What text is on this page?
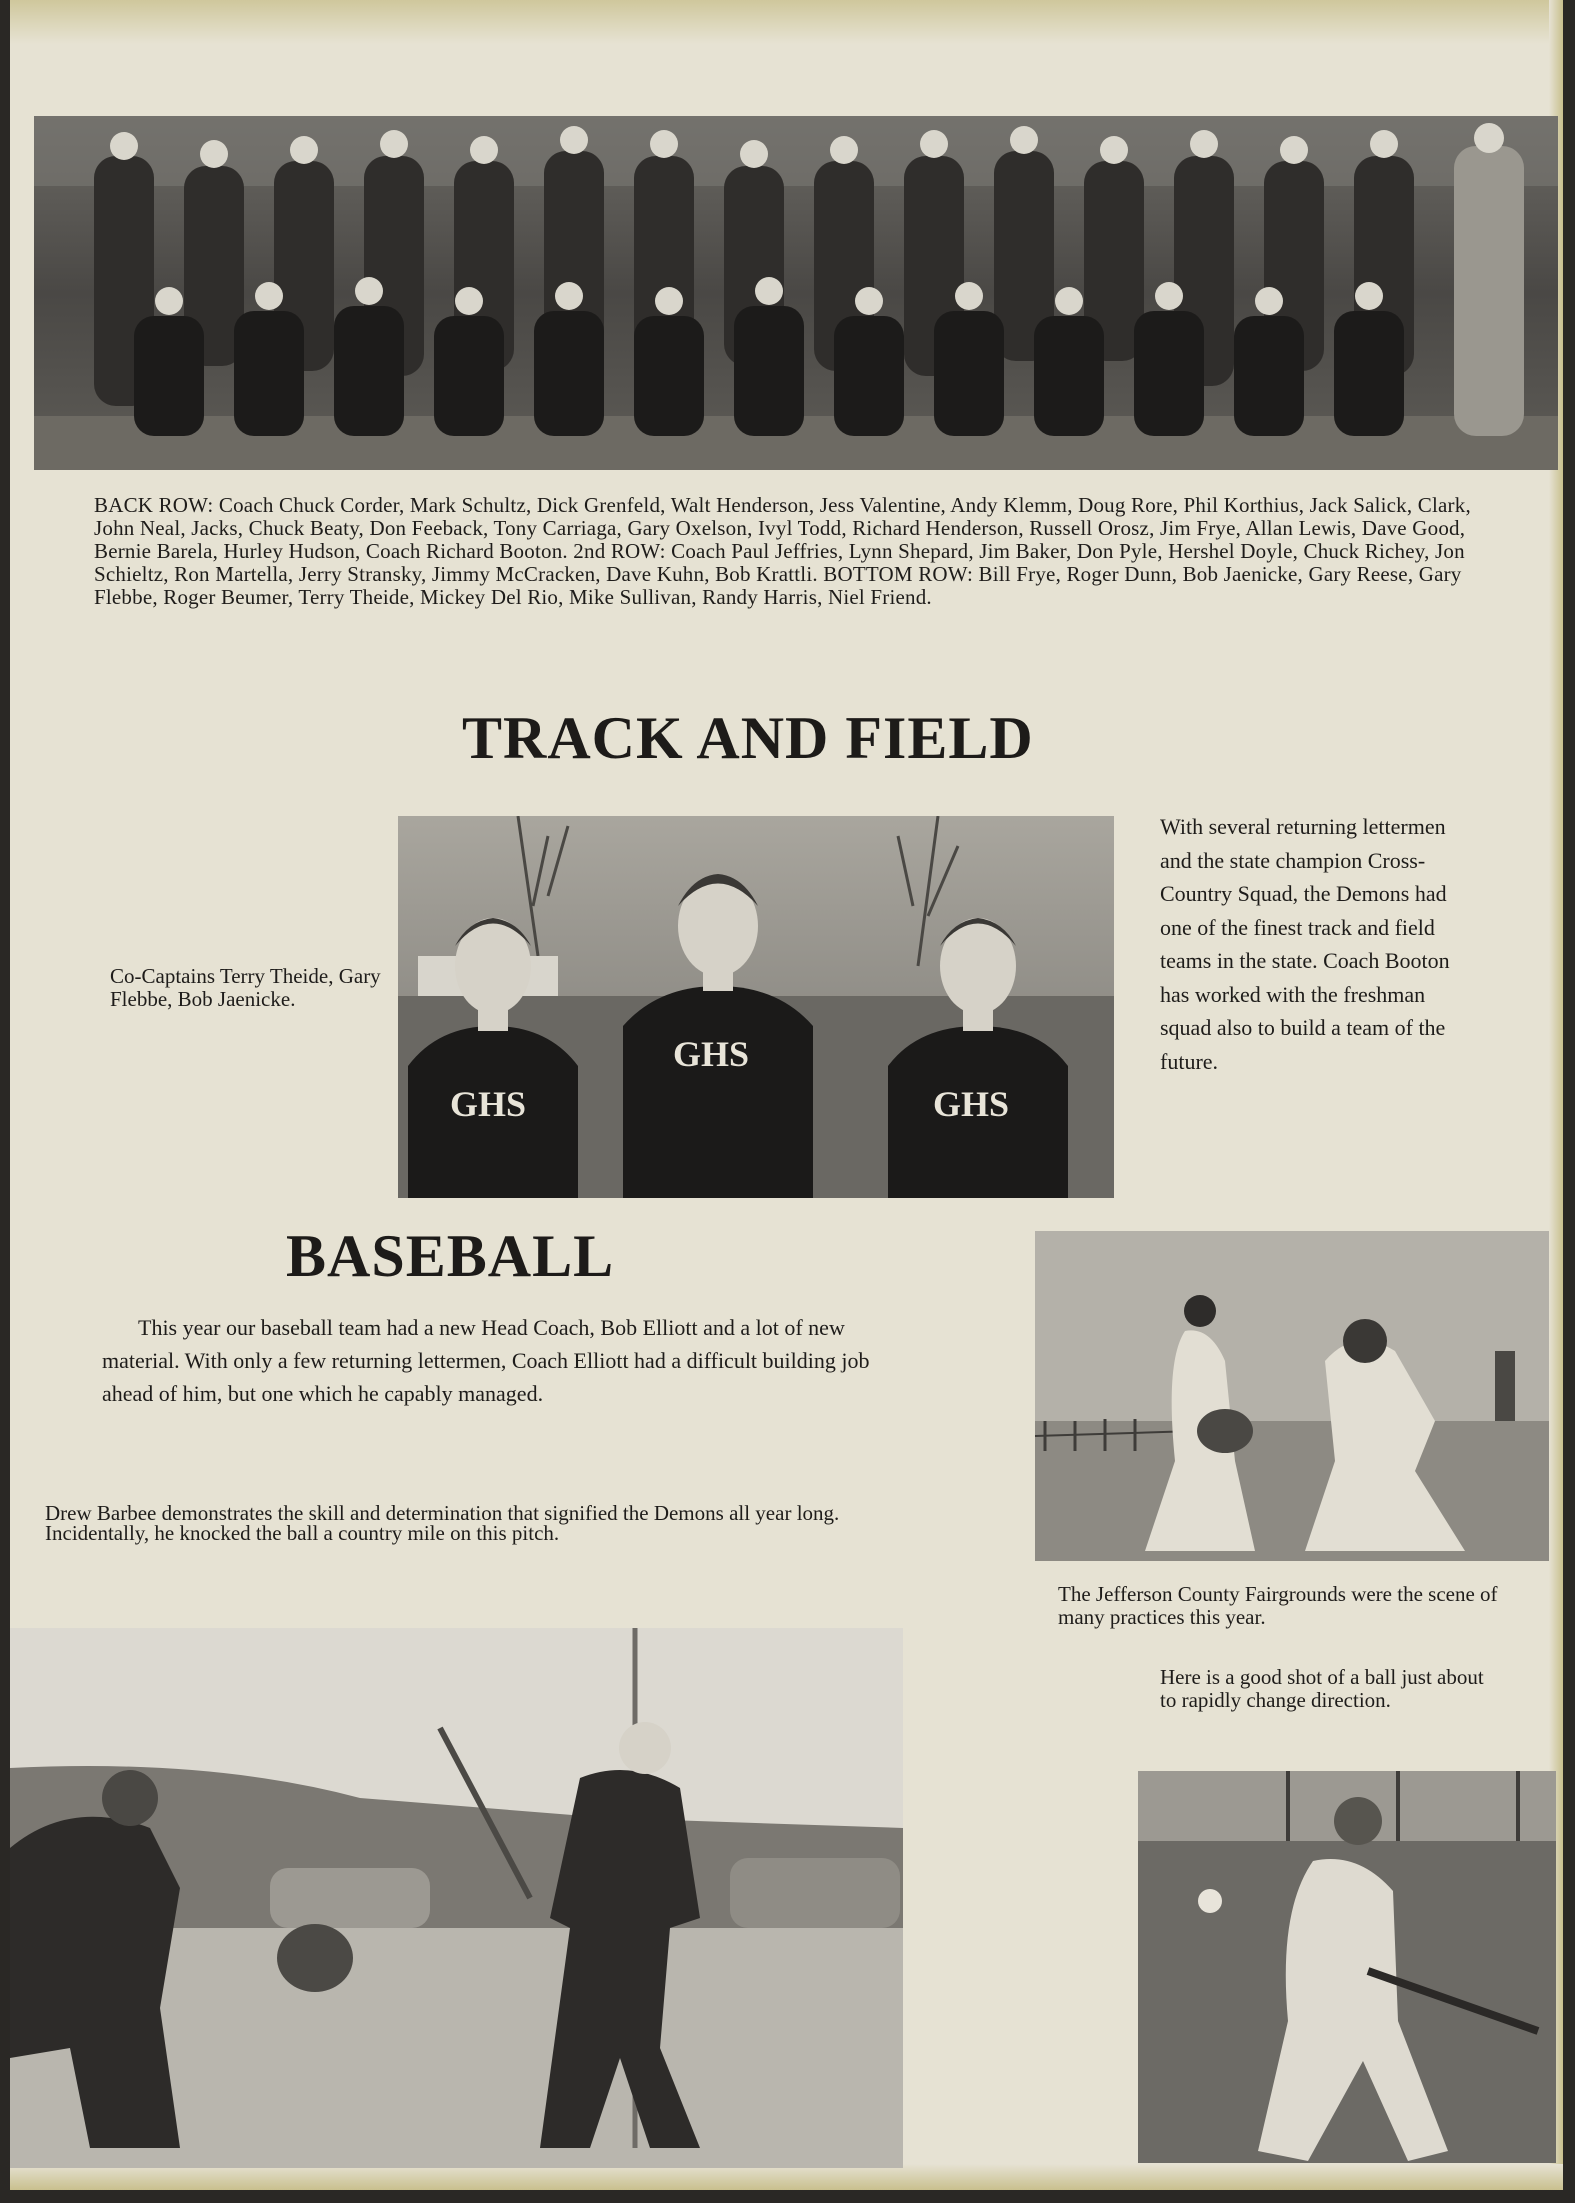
BACK ROW: Coach Chuck Corder, Mark Schultz, Dick Grenfeld, Walt Henderson, Jess Valentine, Andy Klemm, Doug Rore, Phil Korthius, Jack Salick, Clark, John Neal, Jacks, Chuck Beaty, Don Feeback, Tony Carriaga, Gary Oxelson, Ivyl Todd, Richard Henderson, Russell Orosz, Jim Frye, Allan Lewis, Dave Good, Bernie Barela, Hurley Hudson, Coach Richard Booton. 2nd ROW: Coach Paul Jeffries, Lynn Shepard, Jim Baker, Don Pyle, Hershel Doyle, Chuck Richey, Jon Schieltz, Ron Martella, Jerry Stransky, Jimmy McCracken, Dave Kuhn, Bob Krattli. BOTTOM ROW: Bill Frye, Roger Dunn, Bob Jaenicke, Gary Reese, Gary Flebbe, Roger Beumer, Terry Theide, Mickey Del Rio, Mike Sullivan, Randy Harris, Niel Friend.

TRACK AND FIELD

Co-Captains Terry Theide, Gary Flebbe, Bob Jaenicke.

GHS
GHS
GHS

With several returning lettermen and the state champion Cross-Country Squad, the Demons had one of the finest track and field teams in the state. Coach Booton has worked with the freshman squad also to build a team of the future.

BASEBALL

This year our baseball team had a new Head Coach, Bob Elliott and a lot of new material. With only a few returning lettermen, Coach Elliott had a difficult building job ahead of him, but one which he capably managed.

Drew Barbee demonstrates the skill and determination that signified the Demons all year long. Incidentally, he knocked the ball a country mile on this pitch.

The Jefferson County Fairgrounds were the scene of many practices this year.

Here is a good shot of a ball just about to rapidly change direction.
